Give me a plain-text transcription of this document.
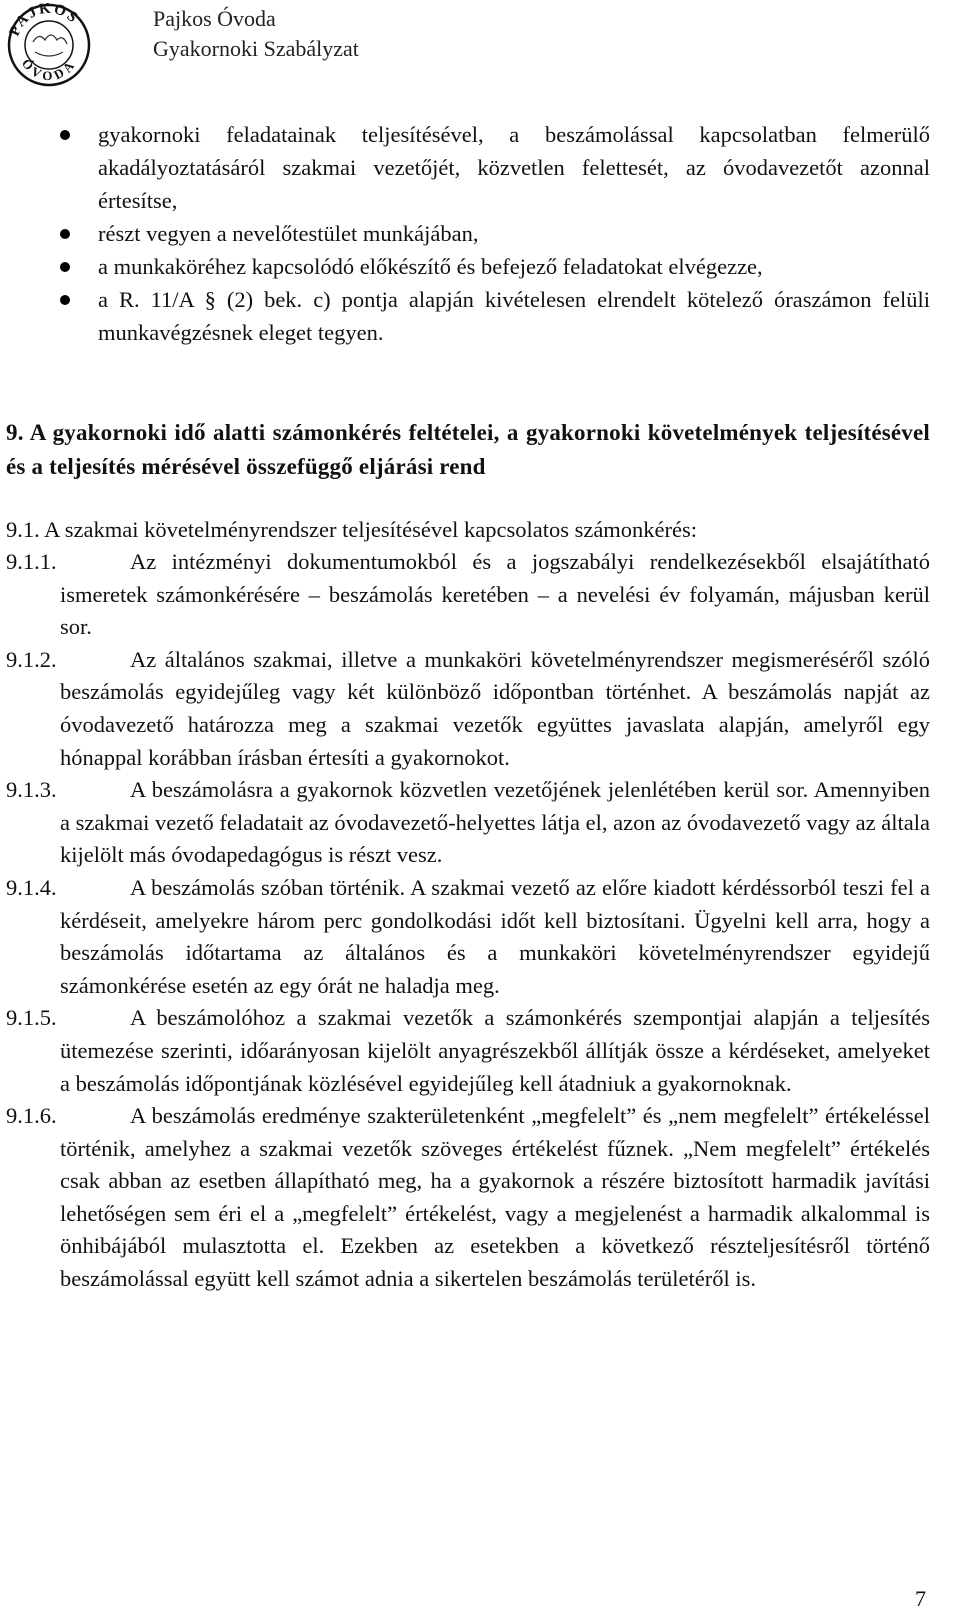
PAJKOS
ÓVODA
Pajkos Óvoda
Gyakornoki Szabályzat
gyakornoki feladatainak teljesítésével, a beszámolással kapcsolatban felmerülő akadályoztatásáról szakmai vezetőjét, közvetlen felettesét, az óvodavezetőt azonnal értesítse,
részt vegyen a nevelőtestület munkájában,
a munkaköréhez kapcsolódó előkészítő és befejező feladatokat elvégezze,
a R. 11/A § (2) bek. c) pontja alapján kivételesen elrendelt kötelező óraszámon felüli munkavégzésnek eleget tegyen.
9. A gyakornoki idő alatti számonkérés feltételei, a gyakornoki követelmények teljesítésével és a teljesítés mérésével összefüggő eljárási rend
9.1. A szakmai követelményrendszer teljesítésével kapcsolatos számonkérés:
9.1.1.	Az intézményi dokumentumokból és a jogszabályi rendelkezésekből elsajátítható ismeretek számonkérésére – beszámolás keretében – a nevelési év folyamán, májusban kerül sor.
9.1.2.	Az általános szakmai, illetve a munkaköri követelményrendszer megismeréséről szóló beszámolás egyidejűleg vagy két különböző időpontban történhet. A beszámolás napját az óvodavezető határozza meg a szakmai vezetők együttes javaslata alapján, amelyről egy hónappal korábban írásban értesíti a gyakornokot.
9.1.3.	A beszámolásra a gyakornok közvetlen vezetőjének jelenlétében kerül sor. Amennyiben a szakmai vezető feladatait az óvodavezető-helyettes látja el, azon az óvodavezető vagy az általa kijelölt más óvodapedagógus is részt vesz.
9.1.4.	A beszámolás szóban történik. A szakmai vezető az előre kiadott kérdéssorból teszi fel a kérdéseit, amelyekre három perc gondolkodási időt kell biztosítani. Ügyelni kell arra, hogy a beszámolás időtartama az általános és a munkaköri követelményrendszer egyidejű számonkérése esetén az egy órát ne haladja meg.
9.1.5.	A beszámolóhoz a szakmai vezetők a számonkérés szempontjai alapján a teljesítés ütemezése szerinti, időarányosan kijelölt anyagrészekből állítják össze a kérdéseket, amelyeket a beszámolás időpontjának közlésével egyidejűleg kell átadniuk a gyakornoknak.
9.1.6.	A beszámolás eredménye szakterületenként „megfelelt” és „nem megfelelt” értékeléssel történik, amelyhez a szakmai vezetők szöveges értékelést fűznek. „Nem megfelelt” értékelés csak abban az esetben állapítható meg, ha a gyakornok a részére biztosított harmadik javítási lehetőségen sem éri el a „megfelelt” értékelést, vagy a megjelenést a harmadik alkalommal is önhibájából mulasztotta el. Ezekben az esetekben a következő részteljesítésről történő beszámolással együtt kell számot adnia a sikertelen beszámolás területéről is.
7
